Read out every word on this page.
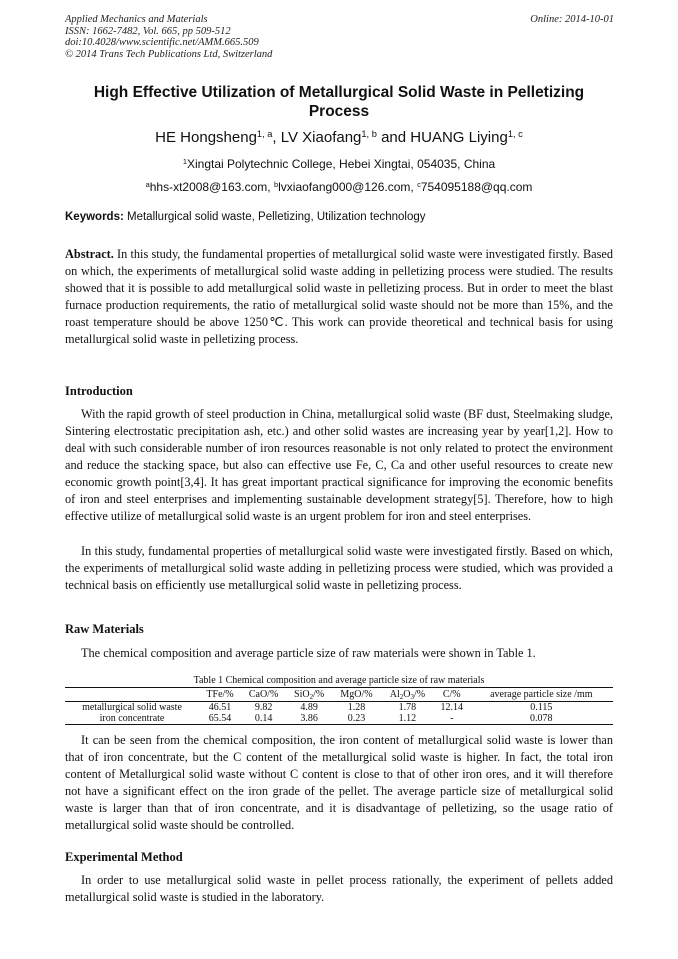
Applied Mechanics and Materials
ISSN: 1662-7482, Vol. 665, pp 509-512
doi:10.4028/www.scientific.net/AMM.665.509
© 2014 Trans Tech Publications Ltd, Switzerland
Online: 2014-10-01
High Effective Utilization of Metallurgical Solid Waste in Pelletizing
Process
HE Hongsheng$^{1, a}$, LV Xiaofang$^{1, b}$ and HUANG Liying$^{1, c}$
$^1$Xingtai Polytechnic College, Hebei Xingtai, 054035, China
$^a$hhs-xt2008@163.com, $^b$lvxiaofang000@126.com, $^c$754095188@qq.com
Keywords: Metallurgical solid waste, Pelletizing, Utilization technology

Abstract. In this study, the fundamental properties of metallurgical solid waste were investigated firstly. Based on which, the experiments of metallurgical solid waste adding in pelletizing process were studied. The results showed that it is possible to add metallurgical solid waste in pelletizing process. But in order to meet the blast furnace production requirements, the ratio of metallurgical solid waste should not be more than 15%, and the roast temperature should be above 1250℃. This work can provide theoretical and technical basis for using metallurgical solid waste in pelletizing process.

Introduction

With the rapid growth of steel production in China, metallurgical solid waste (BF dust, Steelmaking sludge, Sintering electrostatic precipitation ash, etc.) and other solid wastes are increasing year by year[1,2]. How to deal with such considerable number of iron resources reasonable is not only related to protect the environment and reduce the stacking space, but also can effective use Fe, C, Ca and other useful resources to create new economic growth point[3,4]. It has great important practical significance for improving the economic benefits of iron and steel enterprises and implementing sustainable development strategy[5]. Therefore, how to high effective utilize of metallurgical solid waste is an urgent problem for iron and steel enterprises.

In this study, fundamental properties of metallurgical solid waste were investigated firstly. Based on which, the experiments of metallurgical solid waste adding in pelletizing process were studied, which was provided a technical basis on efficiently use metallurgical solid waste in pelletizing process.

Raw Materials

The chemical composition and average particle size of raw materials were shown in Table 1.

Table 1 Chemical composition and average particle size of raw materials
	TFe/%	CaO/%	SiO$_2$/%	MgO/%	$Al_2O_3/\%$	C/%	average particle size /mm
metallurgical solid waste	46.51	9.82	4.89	1.28	1.78	12.14	0.115
iron concentrate	65.54	0.14	3.86	0.23	1.12	-	0.078

It can be seen from the chemical composition, the iron content of metallurgical solid waste is lower than that of iron concentrate, but the C content of the metallurgical solid waste is higher. In fact, the total iron content of Metallurgical solid waste without C content is close to that of other iron ores, and it will therefore not have a significant effect on the iron grade of the pellet. The average particle size of metallurgical solid waste is larger than that of iron concentrate, and it is disadvantage of pelletizing, so the usage ratio of metallurgical solid waste should be controlled.

Experimental Method

In order to use metallurgical solid waste in pellet process rationally, the experiment of pellets added metallurgical solid waste is studied in the laboratory.
